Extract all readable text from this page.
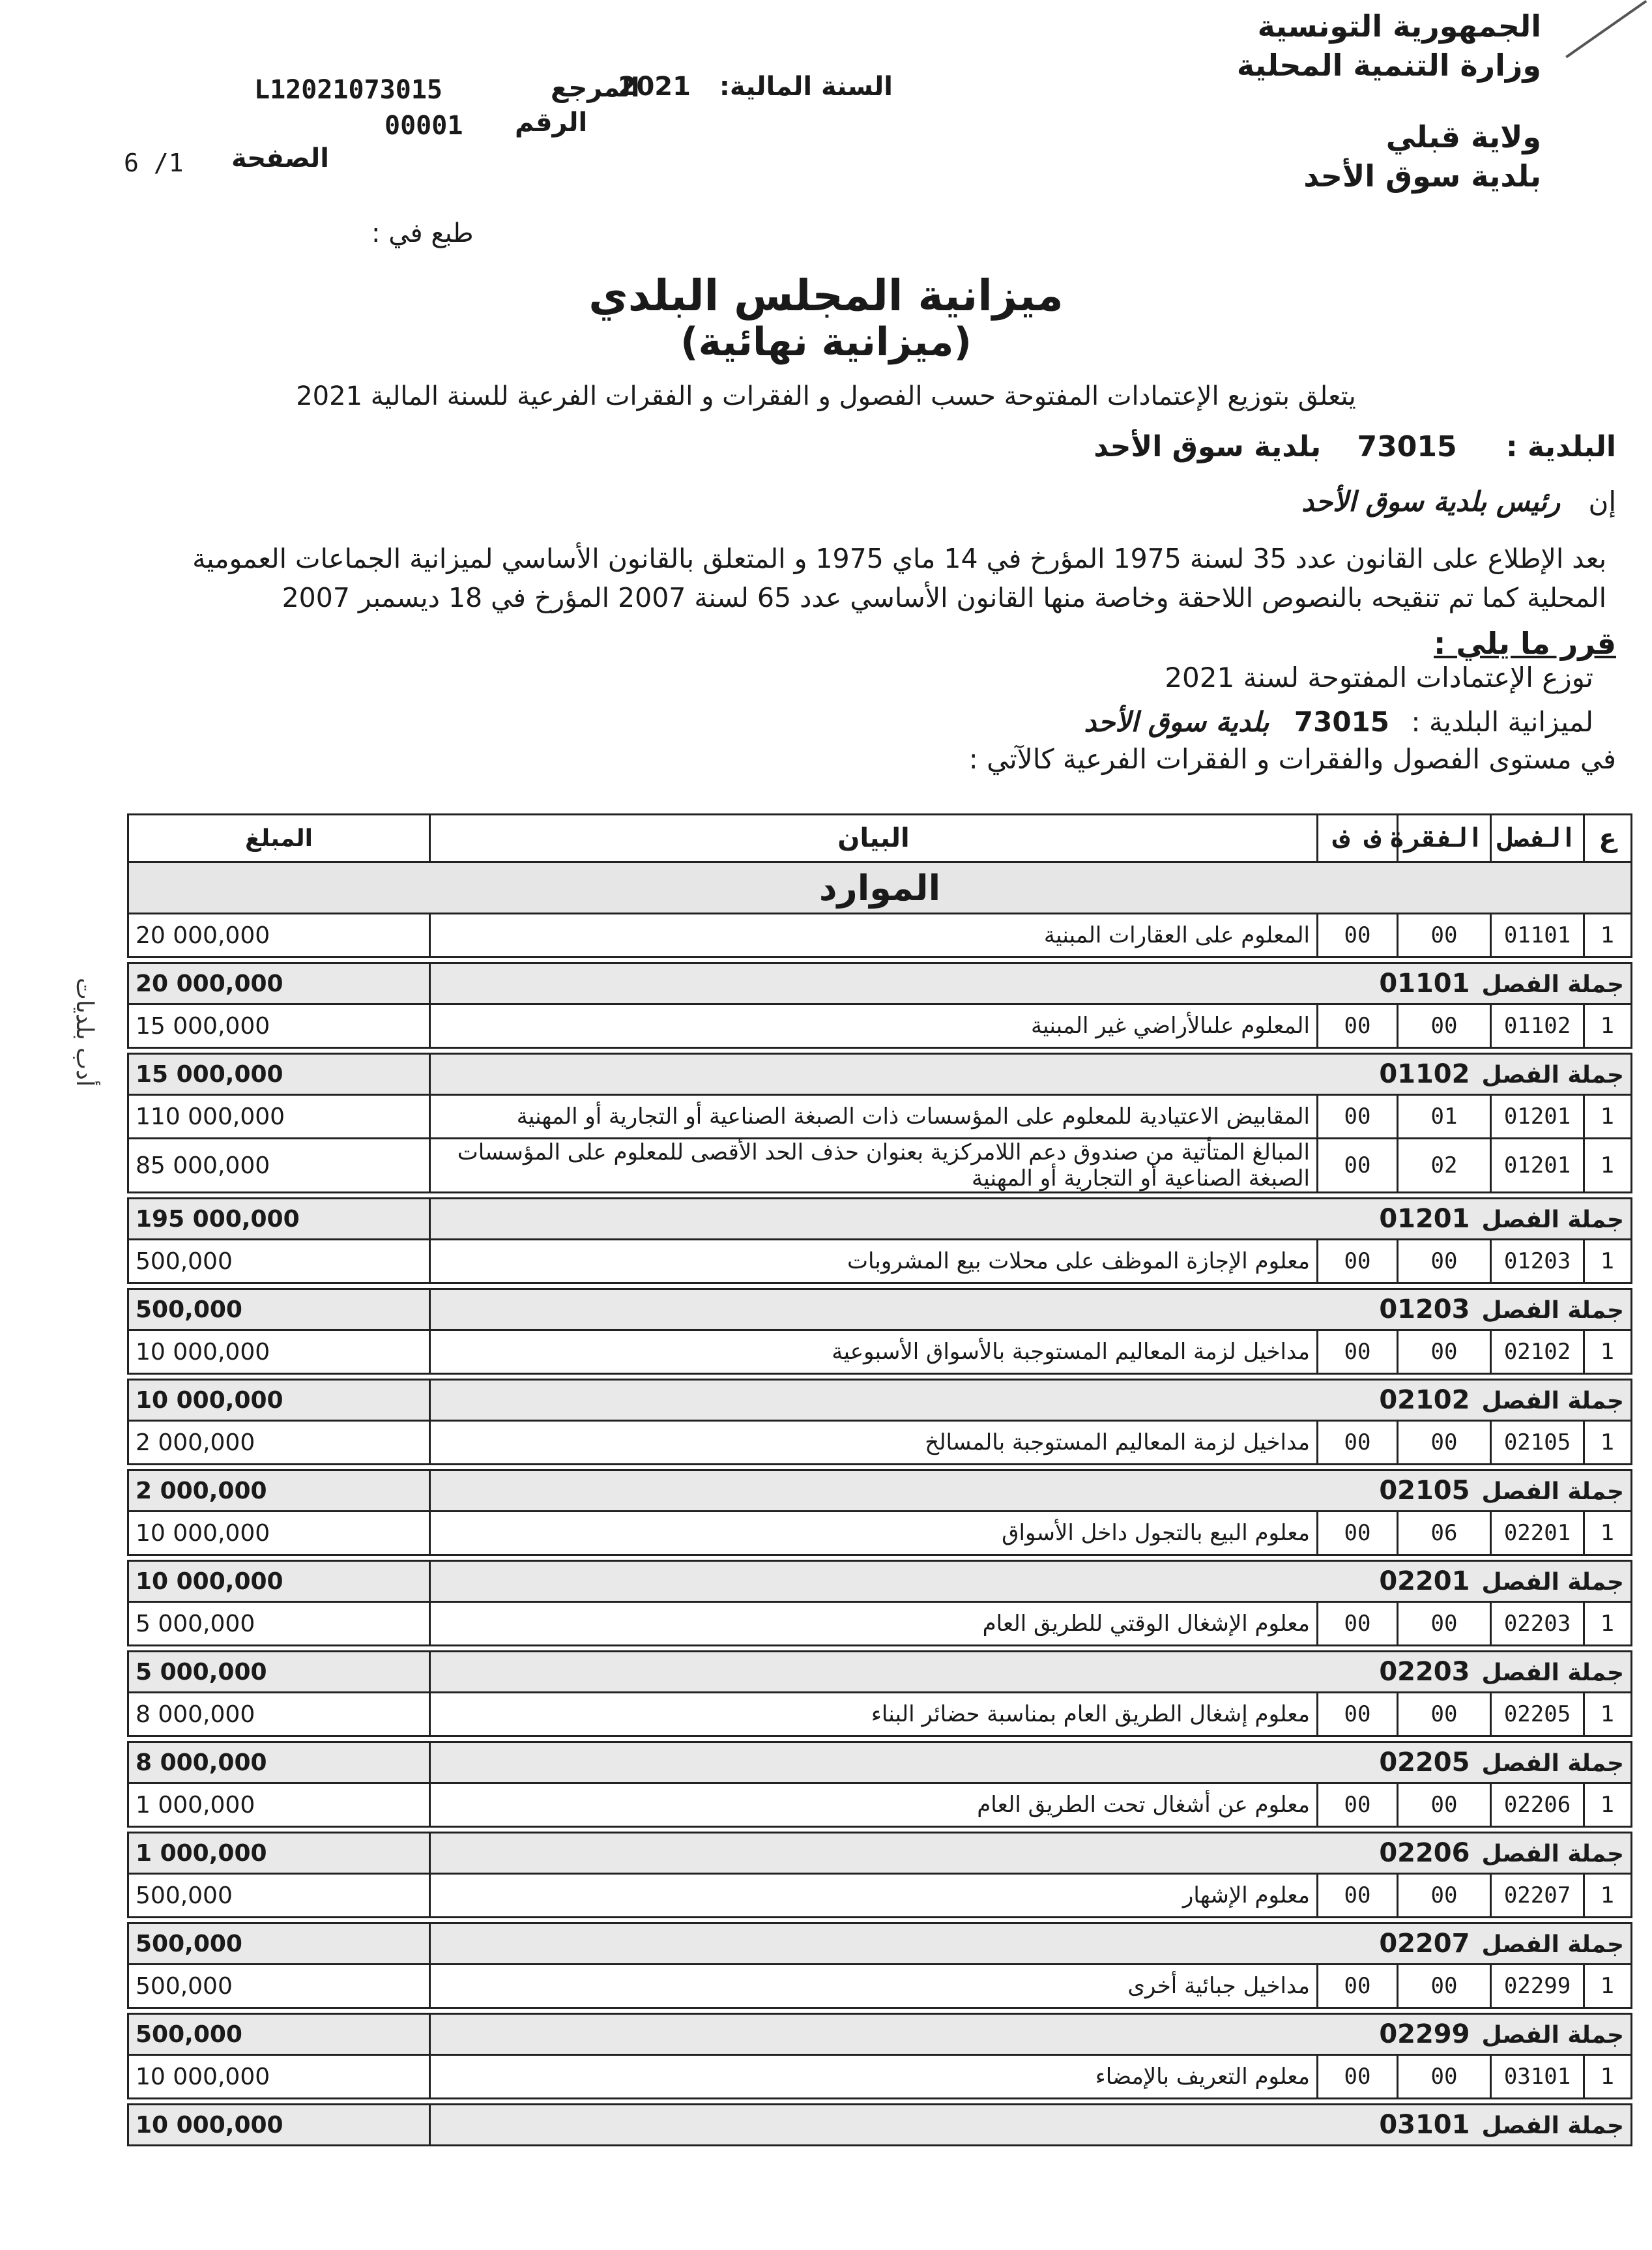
الجمهورية التونسية
وزارة التنمية المحلية
ولاية قبلي
بلدية سوق الأحد
السنة المالية: 2021
المرجع
L12021073015
الرقم
00001
الصفحة
1/ 6
طبع في :
ميزانية المجلس البلدي
(ميزانية نهائية)
يتعلق بتوزيع الإعتمادات المفتوحة حسب الفصول و الفقرات و الفقرات الفرعية للسنة المالية 2021
البلدية : 73015 بلدية سوق الأحد
إن رئيس بلدية سوق الأحد
بعد الإطلاع على القانون عدد 35 لسنة 1975 المؤرخ في 14 ماي 1975 و المتعلق بالقانون الأساسي لميزانية الجماعات العمومية
المحلية كما تم تنقيحه بالنصوص اللاحقة وخاصة منها القانون الأساسي عدد 65 لسنة 2007 المؤرخ في 18 ديسمبر 2007
قرر ما يلي :
توزع الإعتمادات المفتوحة لسنة 2021
لميزانية البلدية : 73015 بلدية سوق الأحد
في مستوى الفصول والفقرات و الفقرات الفرعية كالآتي :
أدب بلديات
ع	الفصل	الفقرة	ف ف	البيان	المبلغ
الموارد					
1	01101	00	00	المعلوم على العقارات المبنية	20 000,000

جملة الفصل01101					20 000,000
1	01102	00	00	المعلوم علىالأراضي غير المبنية	15 000,000

جملة الفصل01102					15 000,000
1	01201	01	00	المقابيض الاعتيادية للمعلوم على المؤسسات ذات الصبغة الصناعية أو التجارية أو المهنية	110 000,000
1	01201	02	00	المبالغ المتأتية من صندوق دعم اللامركزية بعنوان حذف الحد الأقصى للمعلوم على المؤسسات الصبغة الصناعية أو التجارية أو المهنية	85 000,000

جملة الفصل01201					195 000,000
1	01203	00	00	معلوم الإجازة الموظف على محلات بيع المشروبات	500,000

جملة الفصل01203					500,000
1	02102	00	00	مداخيل لزمة المعاليم المستوجبة بالأسواق الأسبوعية	10 000,000

جملة الفصل02102					10 000,000
1	02105	00	00	مداخيل لزمة المعاليم المستوجبة بالمسالخ	2 000,000

جملة الفصل02105					2 000,000
1	02201	06	00	معلوم البيع بالتجول داخل الأسواق	10 000,000

جملة الفصل02201					10 000,000
1	02203	00	00	معلوم الإشغال الوقتي للطريق العام	5 000,000

جملة الفصل02203					5 000,000
1	02205	00	00	معلوم إشغال الطريق العام بمناسبة حضائر البناء	8 000,000

جملة الفصل02205					8 000,000
1	02206	00	00	معلوم عن أشغال تحت الطريق العام	1 000,000

جملة الفصل02206					1 000,000
1	02207	00	00	معلوم الإشهار	500,000

جملة الفصل02207					500,000
1	02299	00	00	مداخيل جبائية أخرى	500,000

جملة الفصل02299					500,000
1	03101	00	00	معلوم التعريف بالإمضاء	10 000,000

جملة الفصل03101					10 000,000
